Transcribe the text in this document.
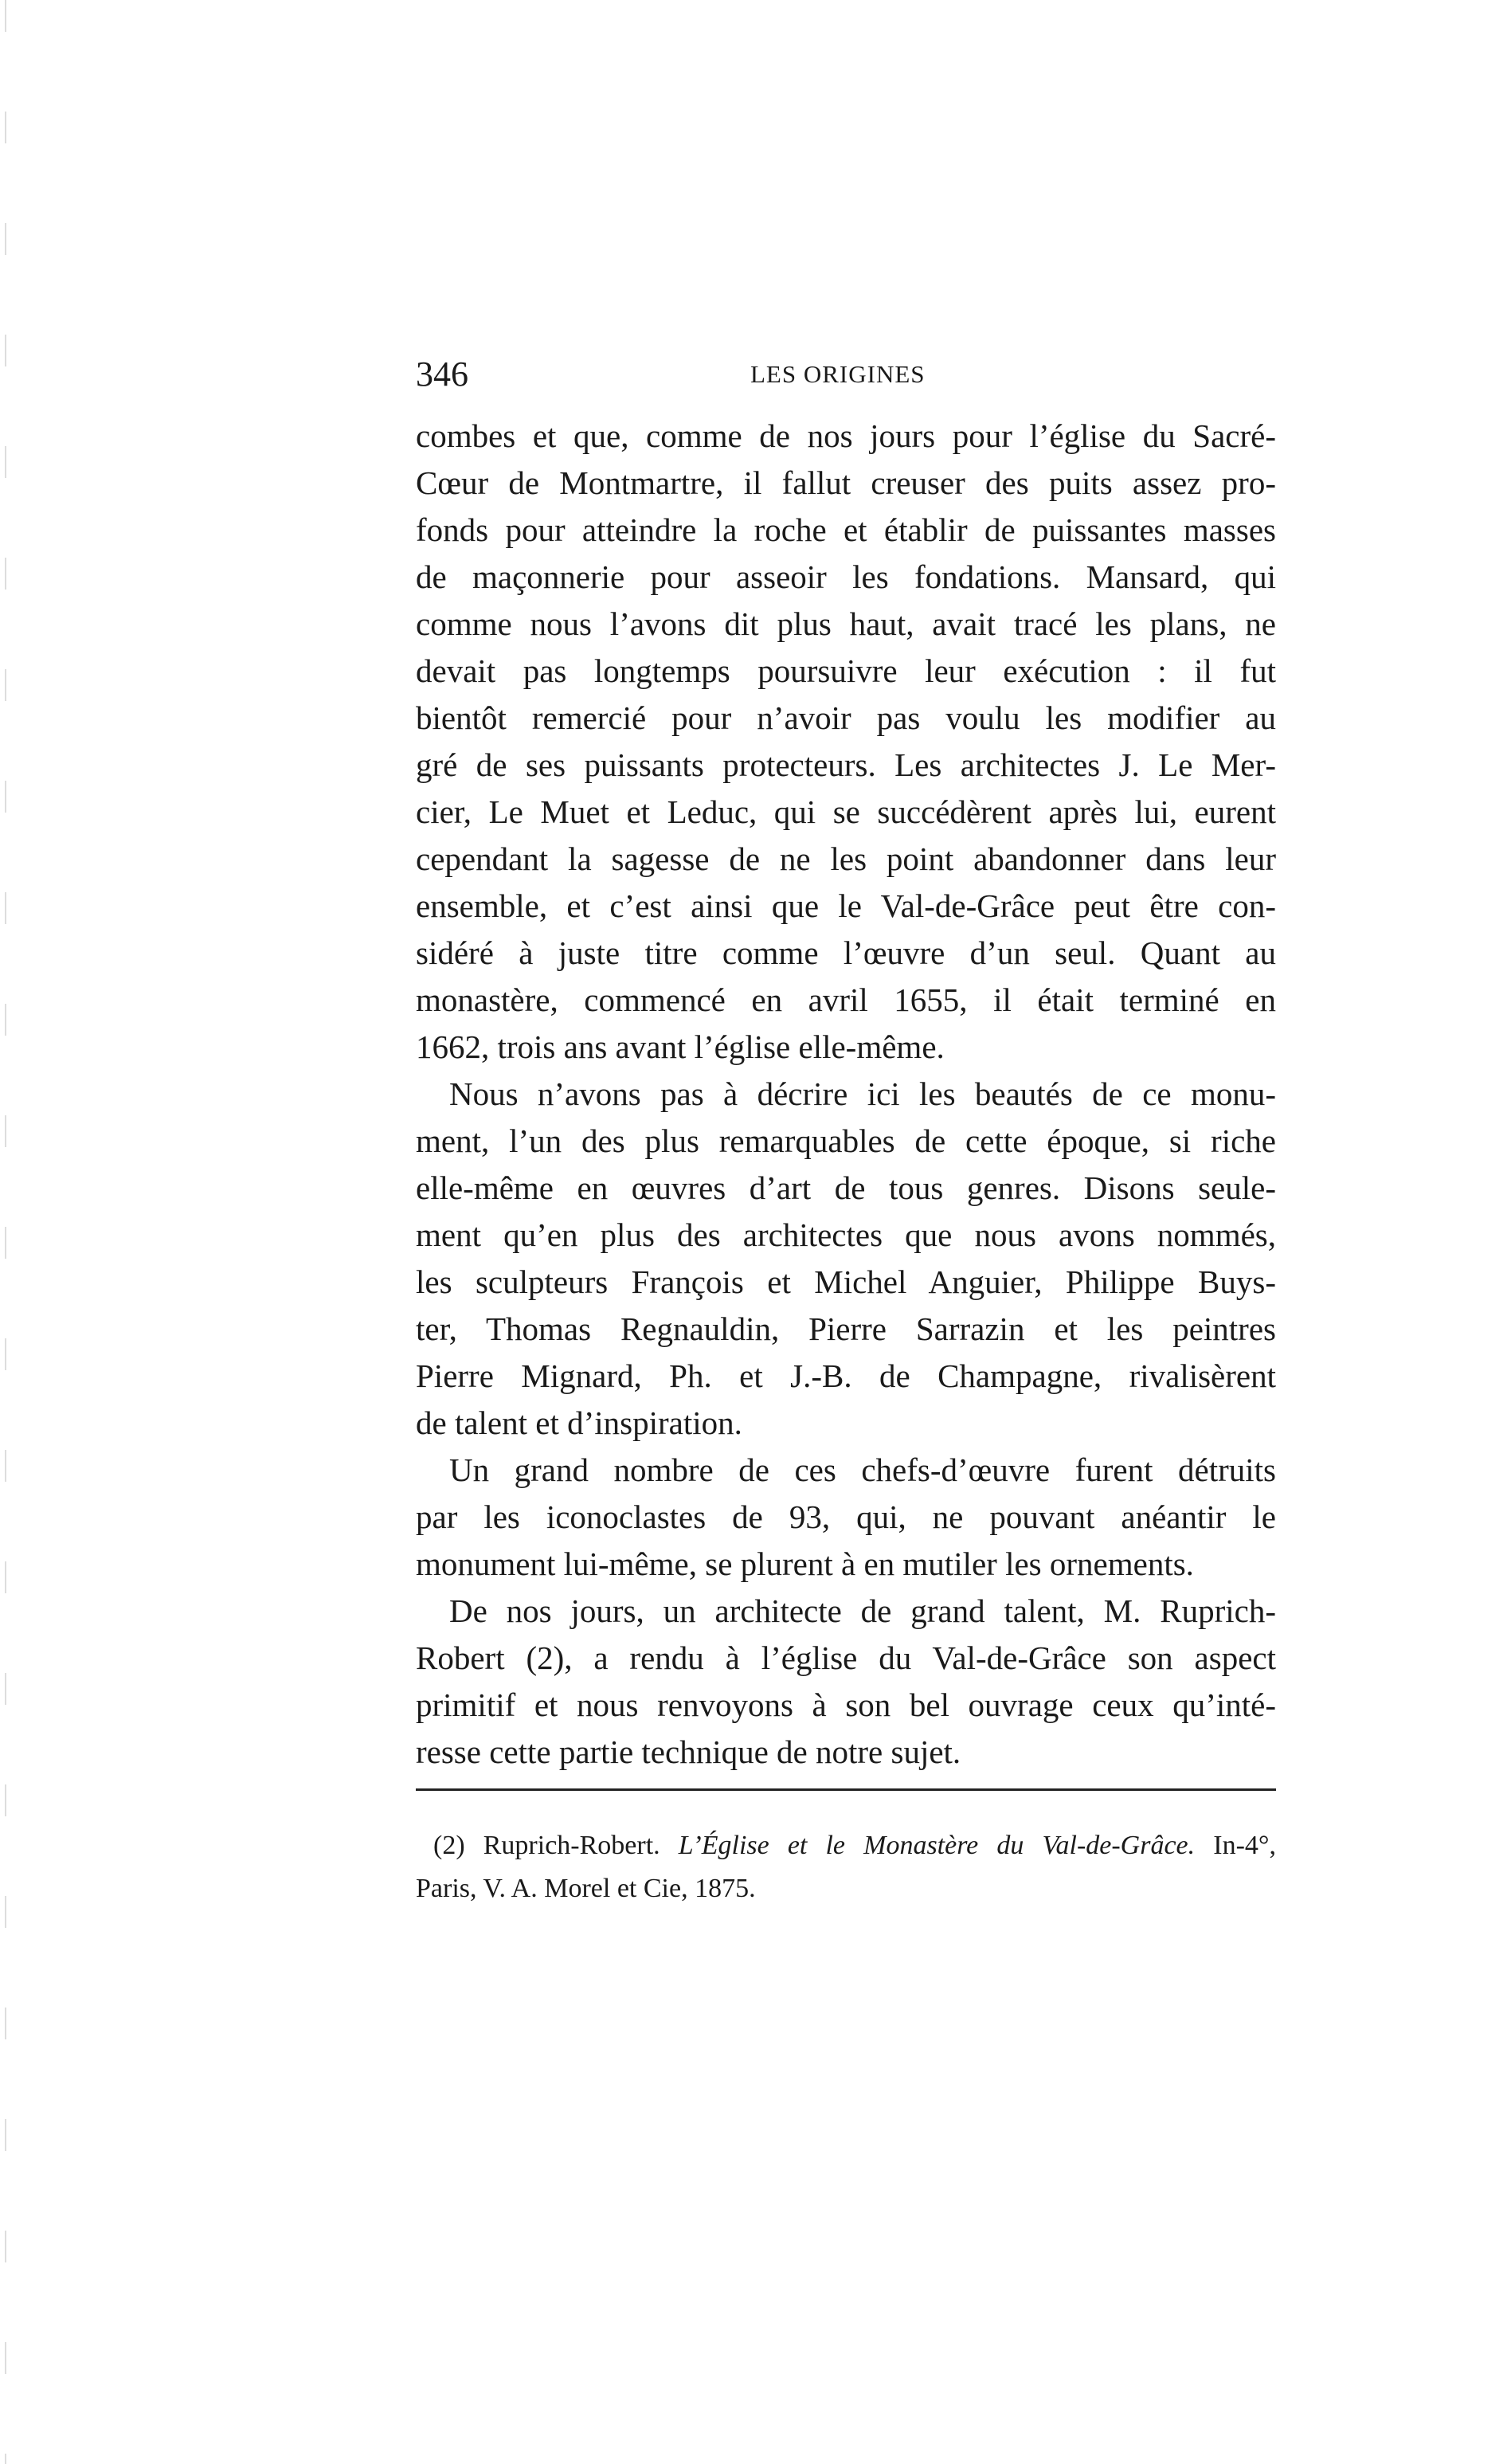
346	LES ORIGINES
combes et que, comme de nos jours pour l’église du Sacré-
Cœur de Montmartre, il fallut creuser des puits assez pro-
fonds pour atteindre la roche et établir de puissantes masses
de maçonnerie pour asseoir les fondations. Mansard, qui
comme nous l’avons dit plus haut, avait tracé les plans, ne
devait pas longtemps poursuivre leur exécution : il fut
bientôt remercié pour n’avoir pas voulu les modifier au
gré de ses puissants protecteurs. Les architectes J. Le Mer-
cier, Le Muet et Leduc, qui se succédèrent après lui, eurent
cependant la sagesse de ne les point abandonner dans leur
ensemble, et c’est ainsi que le Val-de-Grâce peut être con-
sidéré à juste titre comme l’œuvre d’un seul. Quant au
monastère, commencé en avril 1655, il était terminé en
1662, trois ans avant l’église elle-même.
Nous n’avons pas à décrire ici les beautés de ce monu-
ment, l’un des plus remarquables de cette époque, si riche
elle-même en œuvres d’art de tous genres. Disons seule-
ment qu’en plus des architectes que nous avons nommés,
les sculpteurs François et Michel Anguier, Philippe Buys-
ter, Thomas Regnauldin, Pierre Sarrazin et les peintres
Pierre Mignard, Ph. et J.-B. de Champagne, rivalisèrent
de talent et d’inspiration.
Un grand nombre de ces chefs-d’œuvre furent détruits
par les iconoclastes de 93, qui, ne pouvant anéantir le
monument lui-même, se plurent à en mutiler les ornements.
De nos jours, un architecte de grand talent, M. Ruprich-
Robert (2), a rendu à l’église du Val-de-Grâce son aspect
primitif et nous renvoyons à son bel ouvrage ceux qu’inté-
resse cette partie technique de notre sujet.
(2) Ruprich-Robert. L’Église et le Monastère du Val-de-Grâce. In-4°,
Paris, V. A. Morel et Cie, 1875.
